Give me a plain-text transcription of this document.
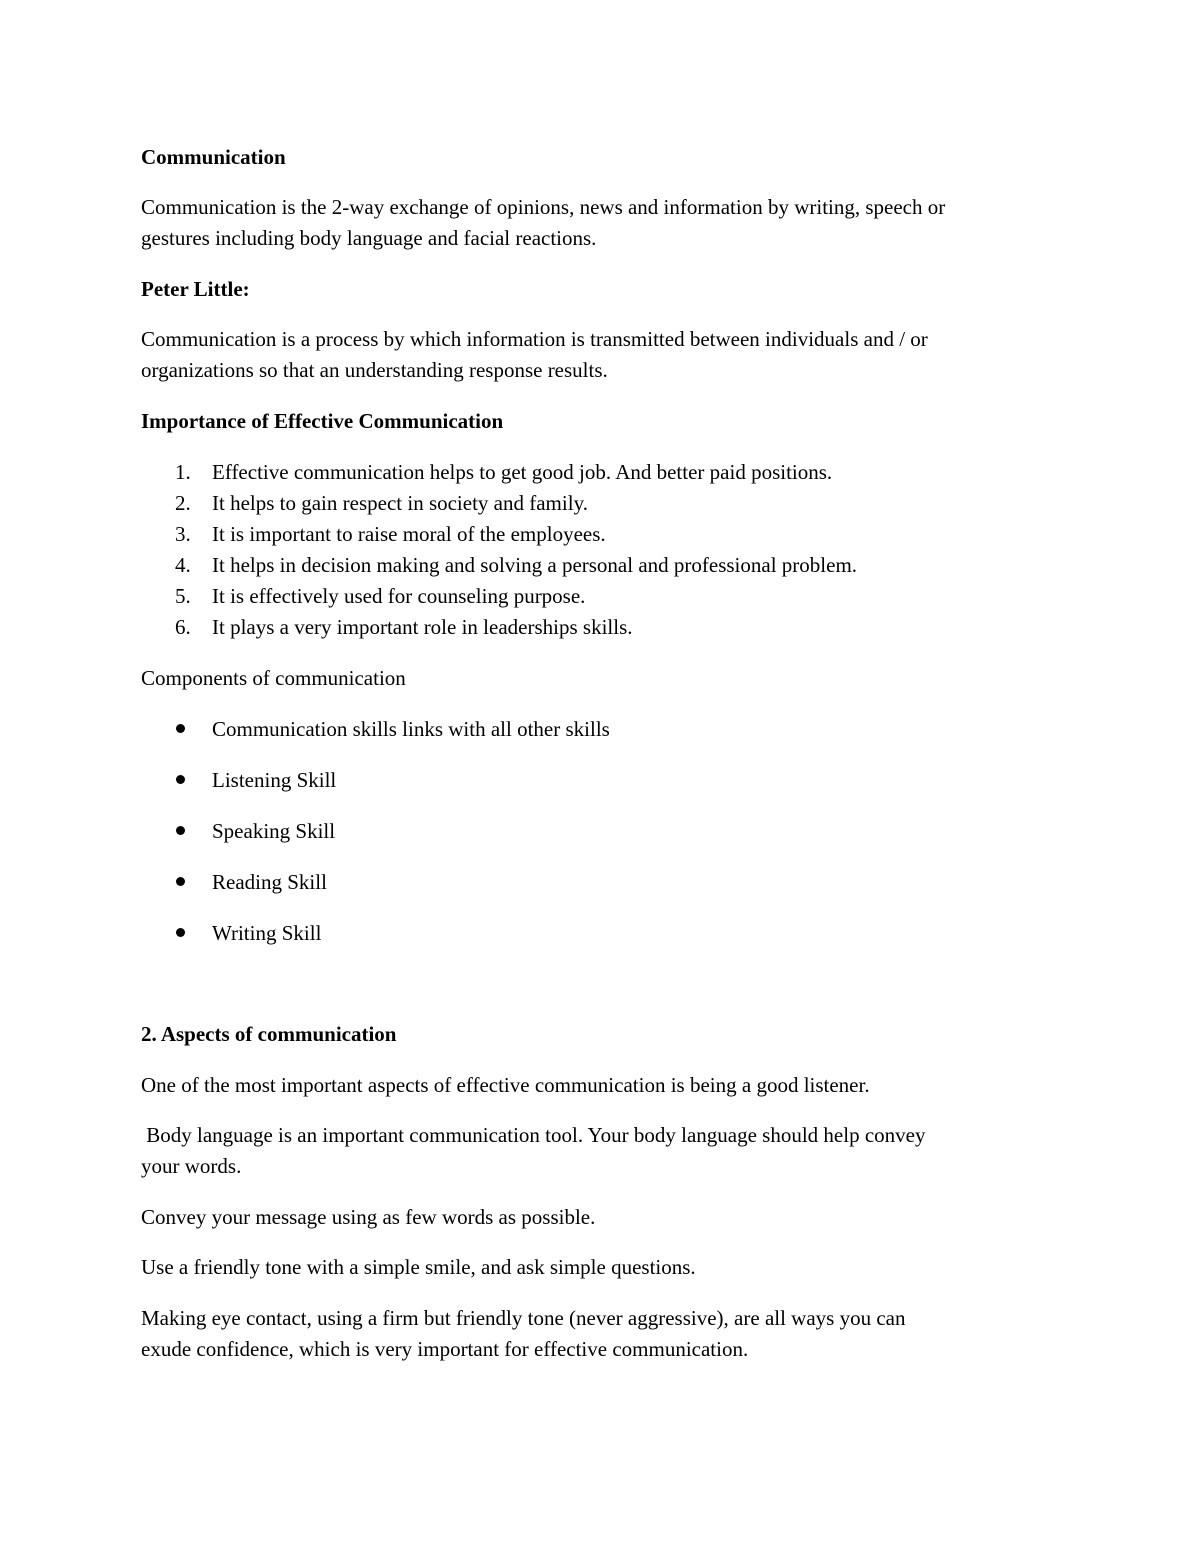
Communication

Communication is the 2-way exchange of opinions, news and information by writing, speech or

gestures including body language and facial reactions.

Peter Little:

Communication is a process by which information is transmitted between individuals and / or

organizations so that an understanding response results.

Importance of Effective Communication

1. Effective communication helps to get good job. And better paid positions.
2. It helps to gain respect in society and family.
3. It is important to raise moral of the employees.
4. It helps in decision making and solving a personal and professional problem.
5. It is effectively used for counseling purpose.
6. It plays a very important role in leaderships skills.

Components of communication

Communication skills links with all other skills
Listening Skill
Speaking Skill
Reading Skill
Writing Skill

2. Aspects of communication

One of the most important aspects of effective communication is being a good listener.

Body language is an important communication tool. Your body language should help convey

your words.

Convey your message using as few words as possible.

Use a friendly tone with a simple smile, and ask simple questions.

Making eye contact, using a firm but friendly tone (never aggressive), are all ways you can

exude confidence, which is very important for effective communication.
